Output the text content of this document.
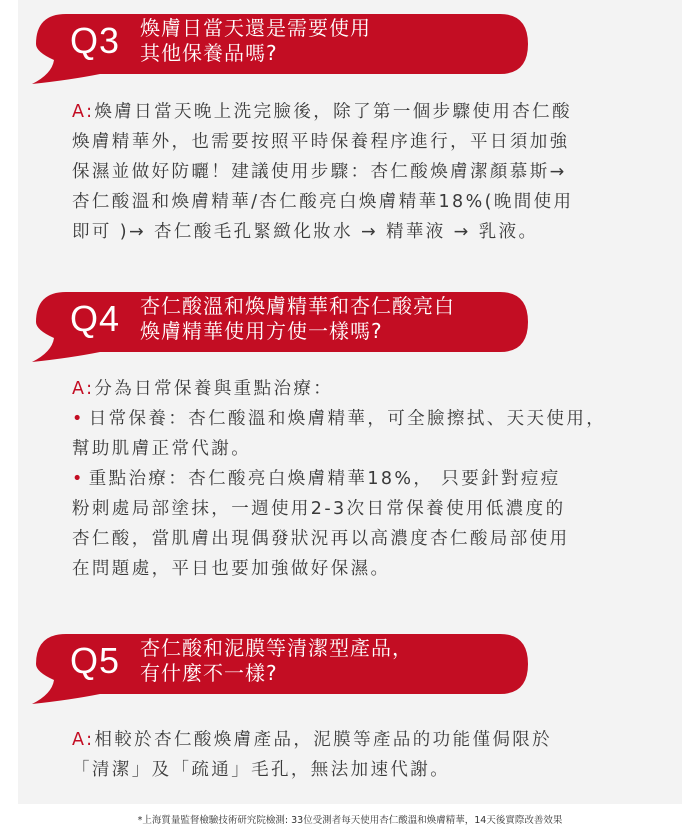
Q3 煥膚日當天還是需要使用
其他保養品嗎?
A:煥膚日當天晚上洗完臉後，除了第一個步驟使用杏仁酸
煥膚精華外，也需要按照平時保養程序進行，平日須加強
保濕並做好防曬！建議使用步驟：杏仁酸煥膚潔顏慕斯→
杏仁酸溫和煥膚精華/杏仁酸亮白煥膚精華18%(晚間使用
即可 )→ 杏仁酸毛孔緊緻化妝水 → 精華液 → 乳液。
Q4 杏仁酸溫和煥膚精華和杏仁酸亮白
煥膚精華使用方使一樣嗎?
A:分為日常保養與重點治療：
• 日常保養：杏仁酸溫和煥膚精華，可全臉擦拭、天天使用，
幫助肌膚正常代謝。
• 重點治療：杏仁酸亮白煥膚精華18%， 只要針對痘痘
粉刺處局部塗抹，一週使用2-3次日常保養使用低濃度的
杏仁酸，當肌膚出現偶發狀況再以高濃度杏仁酸局部使用
在問題處，平日也要加強做好保濕。
Q5 杏仁酸和泥膜等清潔型產品，
有什麼不一樣?
A:相較於杏仁酸煥膚產品，泥膜等產品的功能僅侷限於
「清潔」及「疏通」毛孔，無法加速代謝。
*上海質量監督檢驗技術研究院檢測: 33位受測者每天使用杏仁酸溫和煥膚精華，14天後實際改善效果
